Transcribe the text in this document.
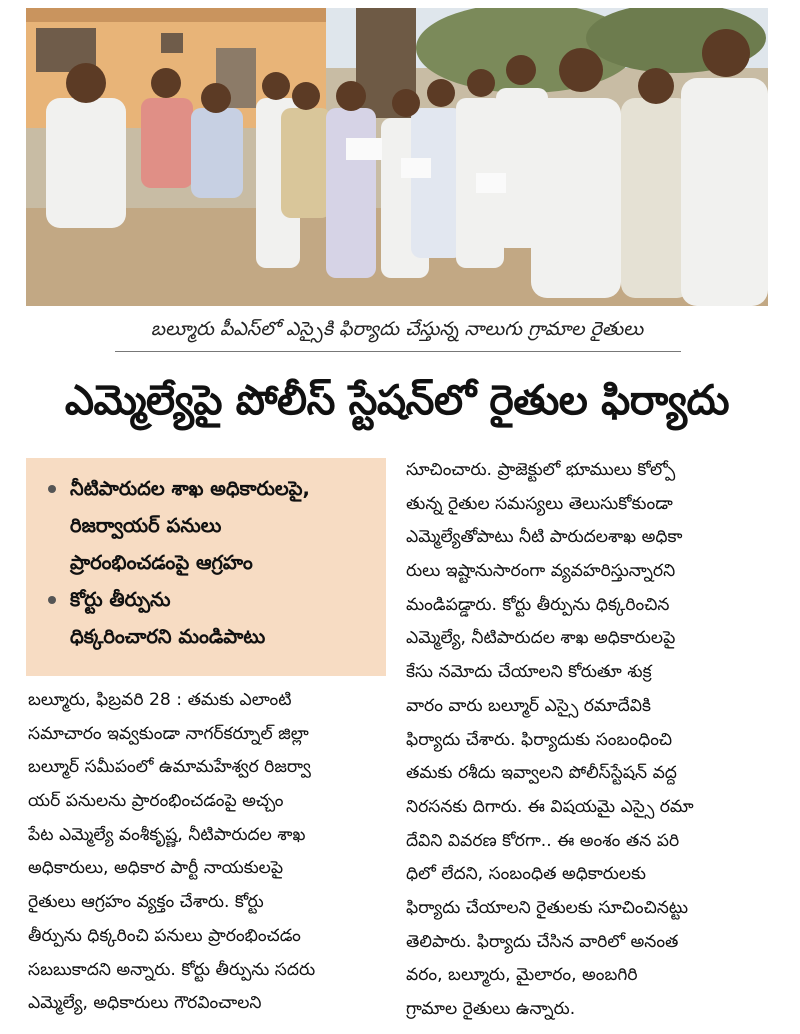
బల్మూరు పీఎస్‌లో ఎస్సైకి ఫిర్యాదు చేస్తున్న నాలుగు గ్రామాల రైతులు
ఎమ్మెల్యేపై పోలీస్ స్టేషన్‌లో రైతుల ఫిర్యాదు
నీటిపారుదల శాఖ అధికారులపై,
రిజర్వాయర్ పనులు
ప్రారంభించడంపై ఆగ్రహం
కోర్టు తీర్పును
ధిక్కరించారని మండిపాటు
బల్మూరు, ఫిబ్రవరి 28 : తమకు ఎలాంటి
సమాచారం ఇవ్వకుండా నాగర్‌కర్నూల్ జిల్లా
బల్మూర్ సమీపంలో ఉమామహేశ్వర రిజర్వా
యర్ పనులను ప్రారంభించడంపై అచ్చం
పేట ఎమ్మెల్యే వంశీకృష్ణ, నీటిపారుదల శాఖ
అధికారులు, అధికార పార్టీ నాయకులపై
రైతులు ఆగ్రహం వ్యక్తం చేశారు. కోర్టు
తీర్పును ధిక్కరించి పనులు ప్రారంభించడం
సబబుకాదని అన్నారు. కోర్టు తీర్పును సదరు
ఎమ్మెల్యే, అధికారులు గౌరవించాలని
సూచించారు. ప్రాజెక్టులో భూములు కోల్పో
తున్న రైతుల సమస్యలు తెలుసుకోకుండా
ఎమ్మెల్యేతోపాటు నీటి పారుదలశాఖ అధికా
రులు ఇష్టానుసారంగా వ్యవహరిస్తున్నారని
మండిపడ్డారు. కోర్టు తీర్పును ధిక్కరించిన
ఎమ్మెల్యే, నీటిపారుదల శాఖ అధికారులపై
కేసు నమోదు చేయాలని కోరుతూ శుక్ర
వారం వారు బల్మూర్ ఎస్సై రమాదేవికి
ఫిర్యాదు చేశారు. ఫిర్యాదుకు సంబంధించి
తమకు రశీదు ఇవ్వాలని పోలీస్‌స్టేషన్ వద్ద
నిరసనకు దిగారు. ఈ విషయమై ఎస్సై రమా
దేవిని వివరణ కోరగా.. ఈ అంశం తన పరి
ధిలో లేదని, సంబంధిత అధికారులకు
ఫిర్యాదు చేయాలని రైతులకు సూచించినట్టు
తెలిపారు. ఫిర్యాదు చేసిన వారిలో అనంత
వరం, బల్మూరు, మైలారం, అంబగిరి
గ్రామాల రైతులు ఉన్నారు.
